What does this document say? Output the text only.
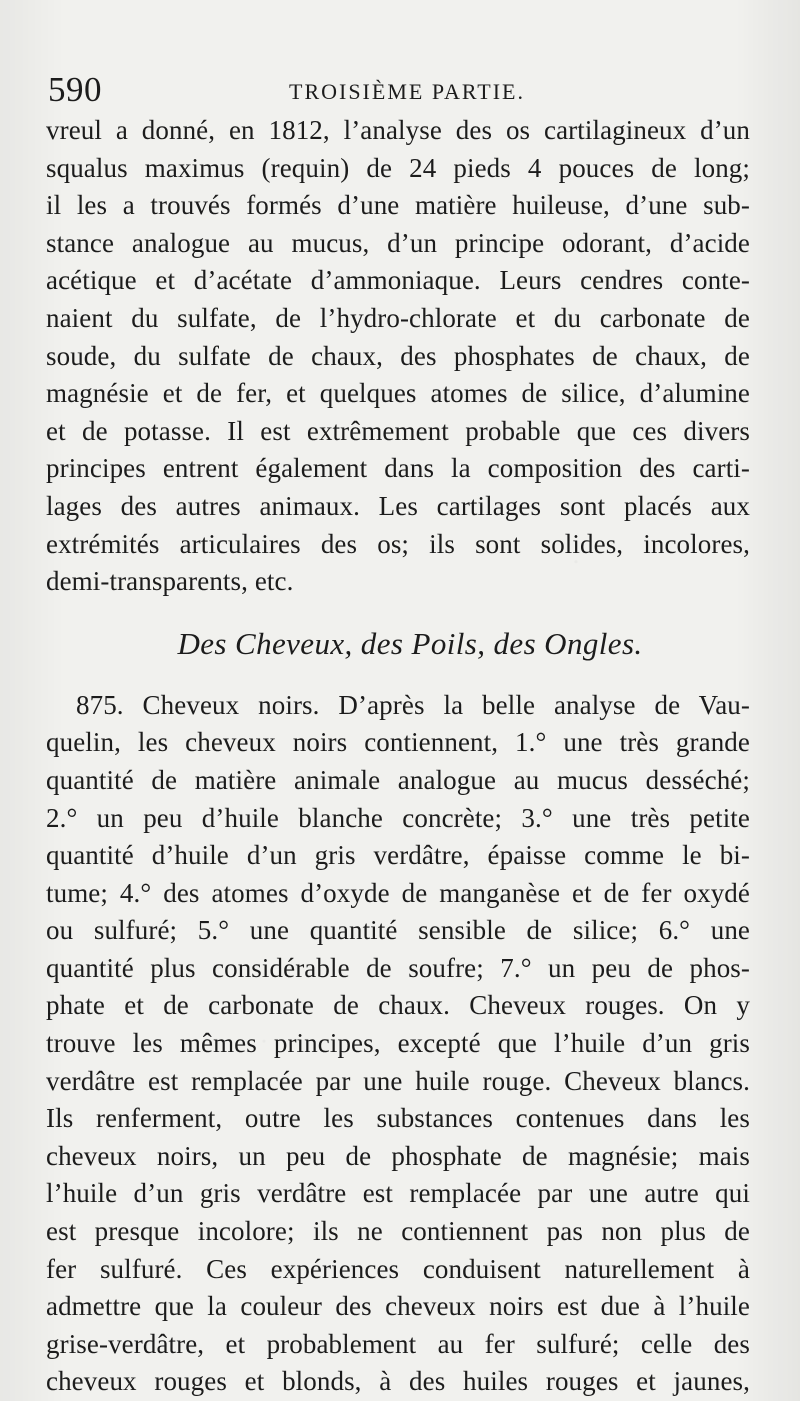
590	TROISIÈME PARTIE.
vreul a donné, en 1812, l’analyse des os cartilagineux d’un
squalus maximus (requin) de 24 pieds 4 pouces de long;
il les a trouvés formés d’une matière huileuse, d’une sub-
stance analogue au mucus, d’un principe odorant, d’acide
acétique et d’acétate d’ammoniaque. Leurs cendres conte-
naient du sulfate, de l’hydro-chlorate et du carbonate de
soude, du sulfate de chaux, des phosphates de chaux, de
magnésie et de fer, et quelques atomes de silice, d’alumine
et de potasse. Il est extrêmement probable que ces divers
principes entrent également dans la composition des carti-
lages des autres animaux. Les cartilages sont placés aux
extrémités articulaires des os; ils sont solides, incolores,
demi-transparents, etc.
Des Cheveux, des Poils, des Ongles.
875. Cheveux noirs. D’après la belle analyse de Vau-
quelin, les cheveux noirs contiennent, 1.° une très grande
quantité de matière animale analogue au mucus desséché;
2.° un peu d’huile blanche concrète; 3.° une très petite
quantité d’huile d’un gris verdâtre, épaisse comme le bi-
tume; 4.° des atomes d’oxyde de manganèse et de fer oxydé
ou sulfuré; 5.° une quantité sensible de silice; 6.° une
quantité plus considérable de soufre; 7.° un peu de phos-
phate et de carbonate de chaux. Cheveux rouges. On y
trouve les mêmes principes, excepté que l’huile d’un gris
verdâtre est remplacée par une huile rouge. Cheveux blancs.
Ils renferment, outre les substances contenues dans les
cheveux noirs, un peu de phosphate de magnésie; mais
l’huile d’un gris verdâtre est remplacée par une autre qui
est presque incolore; ils ne contiennent pas non plus de
fer sulfuré. Ces expériences conduisent naturellement à
admettre que la couleur des cheveux noirs est due à l’huile
grise-verdâtre, et probablement au fer sulfuré; celle des
cheveux rouges et blonds, à des huiles rouges et jaunes,
